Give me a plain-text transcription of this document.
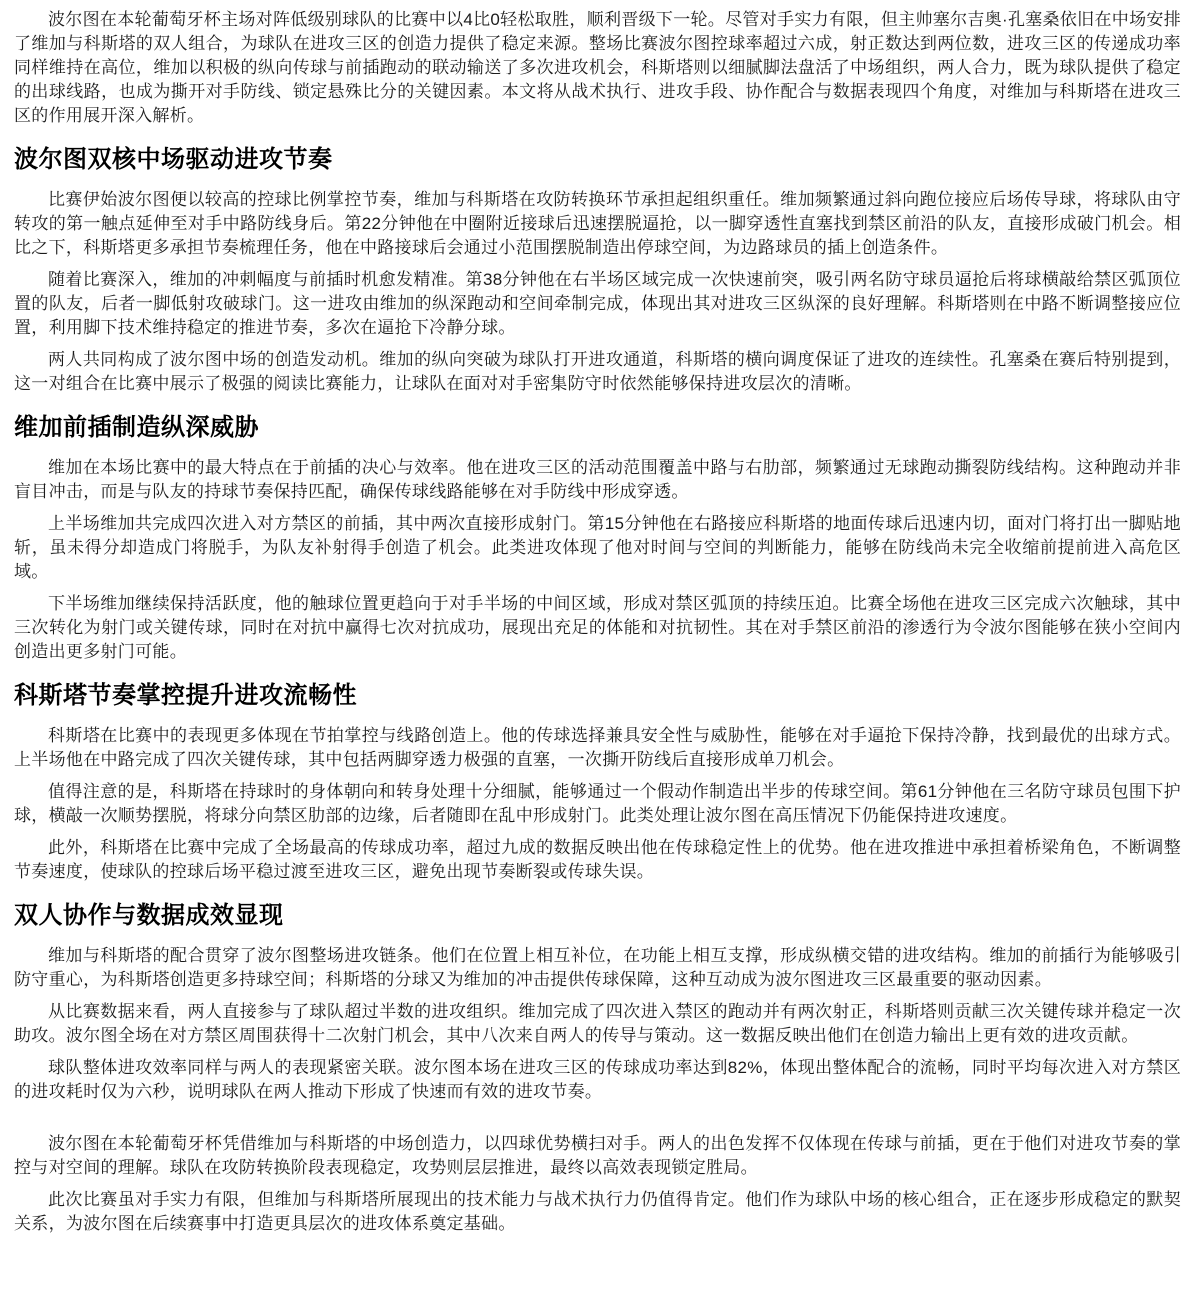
波尔图在本轮葡萄牙杯主场对阵低级别球队的比赛中以4比0轻松取胜，顺利晋级下一轮。尽管对手实力有限，但主帅塞尔吉奥·孔塞桑依旧在中场安排了维加与科斯塔的双人组合，为球队在进攻三区的创造力提供了稳定来源。整场比赛波尔图控球率超过六成，射正数达到两位数，进攻三区的传递成功率同样维持在高位，维加以积极的纵向传球与前插跑动的联动输送了多次进攻机会，科斯塔则以细腻脚法盘活了中场组织，两人合力，既为球队提供了稳定的出球线路，也成为撕开对手防线、锁定悬殊比分的关键因素。本文将从战术执行、进攻手段、协作配合与数据表现四个角度，对维加与科斯塔在进攻三区的作用展开深入解析。

波尔图双核中场驱动进攻节奏

比赛伊始波尔图便以较高的控球比例掌控节奏，维加与科斯塔在攻防转换环节承担起组织重任。维加频繁通过斜向跑位接应后场传导球，将球队由守转攻的第一触点延伸至对手中路防线身后。第22分钟他在中圈附近接球后迅速摆脱逼抢，以一脚穿透性直塞找到禁区前沿的队友，直接形成破门机会。相比之下，科斯塔更多承担节奏梳理任务，他在中路接球后会通过小范围摆脱制造出停球空间，为边路球员的插上创造条件。

随着比赛深入，维加的冲刺幅度与前插时机愈发精准。第38分钟他在右半场区域完成一次快速前突，吸引两名防守球员逼抢后将球横敲给禁区弧顶位置的队友，后者一脚低射攻破球门。这一进攻由维加的纵深跑动和空间牵制完成，体现出其对进攻三区纵深的良好理解。科斯塔则在中路不断调整接应位置，利用脚下技术维持稳定的推进节奏，多次在逼抢下冷静分球。

两人共同构成了波尔图中场的创造发动机。维加的纵向突破为球队打开进攻通道，科斯塔的横向调度保证了进攻的连续性。孔塞桑在赛后特别提到，这一对组合在比赛中展示了极强的阅读比赛能力，让球队在面对对手密集防守时依然能够保持进攻层次的清晰。

维加前插制造纵深威胁

维加在本场比赛中的最大特点在于前插的决心与效率。他在进攻三区的活动范围覆盖中路与右肋部，频繁通过无球跑动撕裂防线结构。这种跑动并非盲目冲击，而是与队友的持球节奏保持匹配，确保传球线路能够在对手防线中形成穿透。

上半场维加共完成四次进入对方禁区的前插，其中两次直接形成射门。第15分钟他在右路接应科斯塔的地面传球后迅速内切，面对门将打出一脚贴地斩，虽未得分却造成门将脱手，为队友补射得手创造了机会。此类进攻体现了他对时间与空间的判断能力，能够在防线尚未完全收缩前提前进入高危区域。

下半场维加继续保持活跃度，他的触球位置更趋向于对手半场的中间区域，形成对禁区弧顶的持续压迫。比赛全场他在进攻三区完成六次触球，其中三次转化为射门或关键传球，同时在对抗中赢得七次对抗成功，展现出充足的体能和对抗韧性。其在对手禁区前沿的渗透行为令波尔图能够在狭小空间内创造出更多射门可能。

科斯塔节奏掌控提升进攻流畅性

科斯塔在比赛中的表现更多体现在节拍掌控与线路创造上。他的传球选择兼具安全性与威胁性，能够在对手逼抢下保持冷静，找到最优的出球方式。上半场他在中路完成了四次关键传球，其中包括两脚穿透力极强的直塞，一次撕开防线后直接形成单刀机会。

值得注意的是，科斯塔在持球时的身体朝向和转身处理十分细腻，能够通过一个假动作制造出半步的传球空间。第61分钟他在三名防守球员包围下护球，横敲一次顺势摆脱，将球分向禁区肋部的边缘，后者随即在乱中形成射门。此类处理让波尔图在高压情况下仍能保持进攻速度。

此外，科斯塔在比赛中完成了全场最高的传球成功率，超过九成的数据反映出他在传球稳定性上的优势。他在进攻推进中承担着桥梁角色，不断调整节奏速度，使球队的控球后场平稳过渡至进攻三区，避免出现节奏断裂或传球失误。

双人协作与数据成效显现

维加与科斯塔的配合贯穿了波尔图整场进攻链条。他们在位置上相互补位，在功能上相互支撑，形成纵横交错的进攻结构。维加的前插行为能够吸引防守重心，为科斯塔创造更多持球空间；科斯塔的分球又为维加的冲击提供传球保障，这种互动成为波尔图进攻三区最重要的驱动因素。

从比赛数据来看，两人直接参与了球队超过半数的进攻组织。维加完成了四次进入禁区的跑动并有两次射正，科斯塔则贡献三次关键传球并稳定一次助攻。波尔图全场在对方禁区周围获得十二次射门机会，其中八次来自两人的传导与策动。这一数据反映出他们在创造力输出上更有效的进攻贡献。

球队整体进攻效率同样与两人的表现紧密关联。波尔图本场在进攻三区的传球成功率达到82%，体现出整体配合的流畅，同时平均每次进入对方禁区的进攻耗时仅为六秒，说明球队在两人推动下形成了快速而有效的进攻节奏。

波尔图在本轮葡萄牙杯凭借维加与科斯塔的中场创造力，以四球优势横扫对手。两人的出色发挥不仅体现在传球与前插，更在于他们对进攻节奏的掌控与对空间的理解。球队在攻防转换阶段表现稳定，攻势则层层推进，最终以高效表现锁定胜局。

此次比赛虽对手实力有限，但维加与科斯塔所展现出的技术能力与战术执行力仍值得肯定。他们作为球队中场的核心组合，正在逐步形成稳定的默契关系，为波尔图在后续赛事中打造更具层次的进攻体系奠定基础。
